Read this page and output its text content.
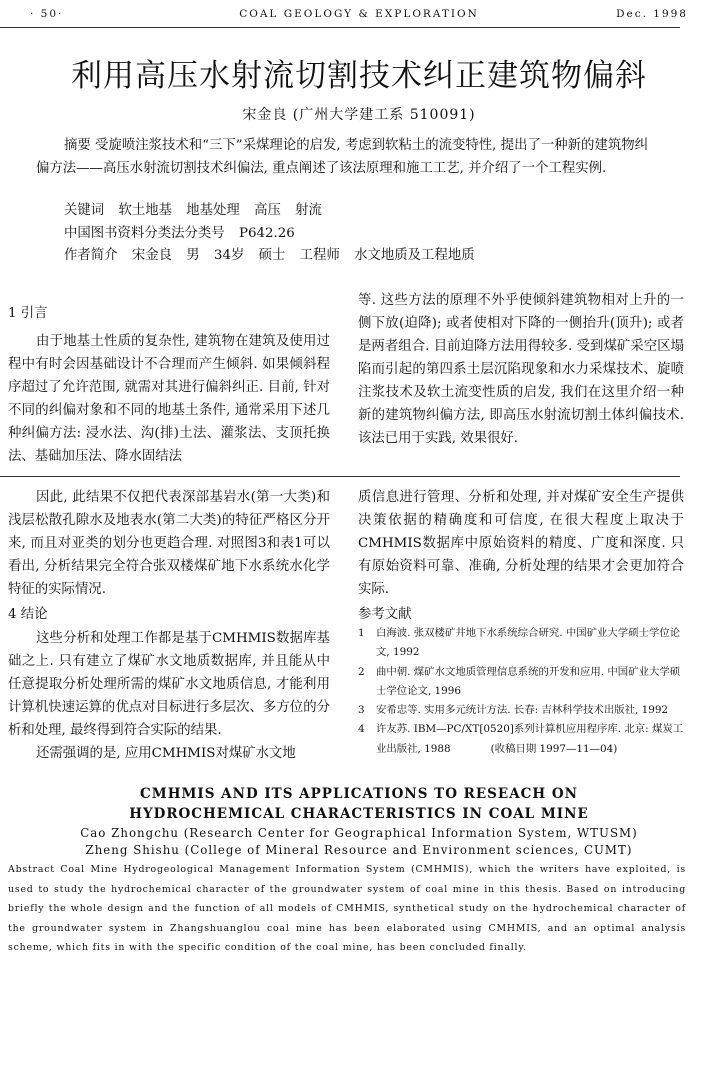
· 50·	COAL GEOLOGY & EXPLORATION	Dec. 1998
利用高压水射流切割技术纠正建筑物偏斜
宋金良 (广州大学建工系 510091)

摘要 受旋喷注浆技术和“三下”采煤理论的启发, 考虑到软粘土的流变特性, 提出了一种新的建筑物纠偏方法——高压水射流切割技术纠偏法, 重点阐述了该法原理和施工工艺, 并介绍了一个工程实例.

关键词 软土地基 地基处理 高压 射流
中国图书资料分类法分类号 P642.26
作者简介 宋金良 男 34岁 硕士 工程师 水文地质及工程地质
1 引言

由于地基土性质的复杂性, 建筑物在建筑及使用过程中有时会因基础设计不合理而产生倾斜. 如果倾斜程序超过了允许范围, 就需对其进行偏斜纠正. 目前, 针对不同的纠偏对象和不同的地基土条件, 通常采用下述几种纠偏方法: 浸水法、沟(排)土法、灌浆法、支顶托换法、基础加压法、降水固结法

等. 这些方法的原理不外乎使倾斜建筑物相对上升的一侧下放(迫降); 或者使相对下降的一侧抬升(顶升); 或者是两者组合. 目前迫降方法用得较多. 受到煤矿采空区塌陷而引起的第四系土层沉陷现象和水力采煤技术、旋喷注浆技术及软土流变性质的启发, 我们在这里介绍一种新的建筑物纠偏方法, 即高压水射流切割土体纠偏技术. 该法已用于实践, 效果很好.

因此, 此结果不仅把代表深部基岩水(第一大类)和浅层松散孔隙水及地表水(第二大类)的特征严格区分开来, 而且对亚类的划分也更趋合理. 对照图3和表1可以看出, 分析结果完全符合张双楼煤矿地下水系统水化学特征的实际情况.

4 结论

这些分析和处理工作都是基于CMHMIS数据库基础之上. 只有建立了煤矿水文地质数据库, 并且能从中任意提取分析处理所需的煤矿水文地质信息, 才能利用计算机快速运算的优点对目标进行多层次、多方位的分析和处理, 最终得到符合实际的结果.

还需强调的是, 应用CMHMIS对煤矿水文地

质信息进行管理、分析和处理, 并对煤矿安全生产提供决策依据的精确度和可信度, 在很大程度上取决于CMHMIS数据库中原始资料的精度、广度和深度. 只有原始资料可靠、准确, 分析处理的结果才会更加符合实际.

参考文献
1 白海波. 张双楼矿井地下水系统综合研究. 中国矿业大学硕士学位论文, 1992
2 曲中朝. 煤矿水文地质管理信息系统的开发和应用. 中国矿业大学硕士学位论文, 1996
3 安希忠等. 实用多元统计方法. 长春: 吉林科学技术出版社, 1992
4 许友苏. IBM—PC/XT[0520]系列计算机应用程序库. 北京: 煤炭工业出版社, 1988	(收稿日期 1997—11—04)
CMHMIS AND ITS APPLICATIONS TO RESEACH ON
HYDROCHEMICAL CHARACTERISTICS IN COAL MINE
Cao Zhongchu (Research Center for Geographical Information System, WTUSM)
Zheng Shishu (College of Mineral Resource and Environment sciences, CUMT)

Abstract Coal Mine Hydrogeological Management Information System (CMHMIS), which the writers have exploited, is used to study the hydrochemical character of the groundwater system of coal mine in this thesis. Based on introducing briefly the whole design and the function of all models of CMHMIS, synthetical study on the hydrochemical character of the groundwater system in Zhangshuanglou coal mine has been elaborated using CMHMIS, and an optimal analysis scheme, which fits in with the specific condition of the coal mine, has been concluded finally.
